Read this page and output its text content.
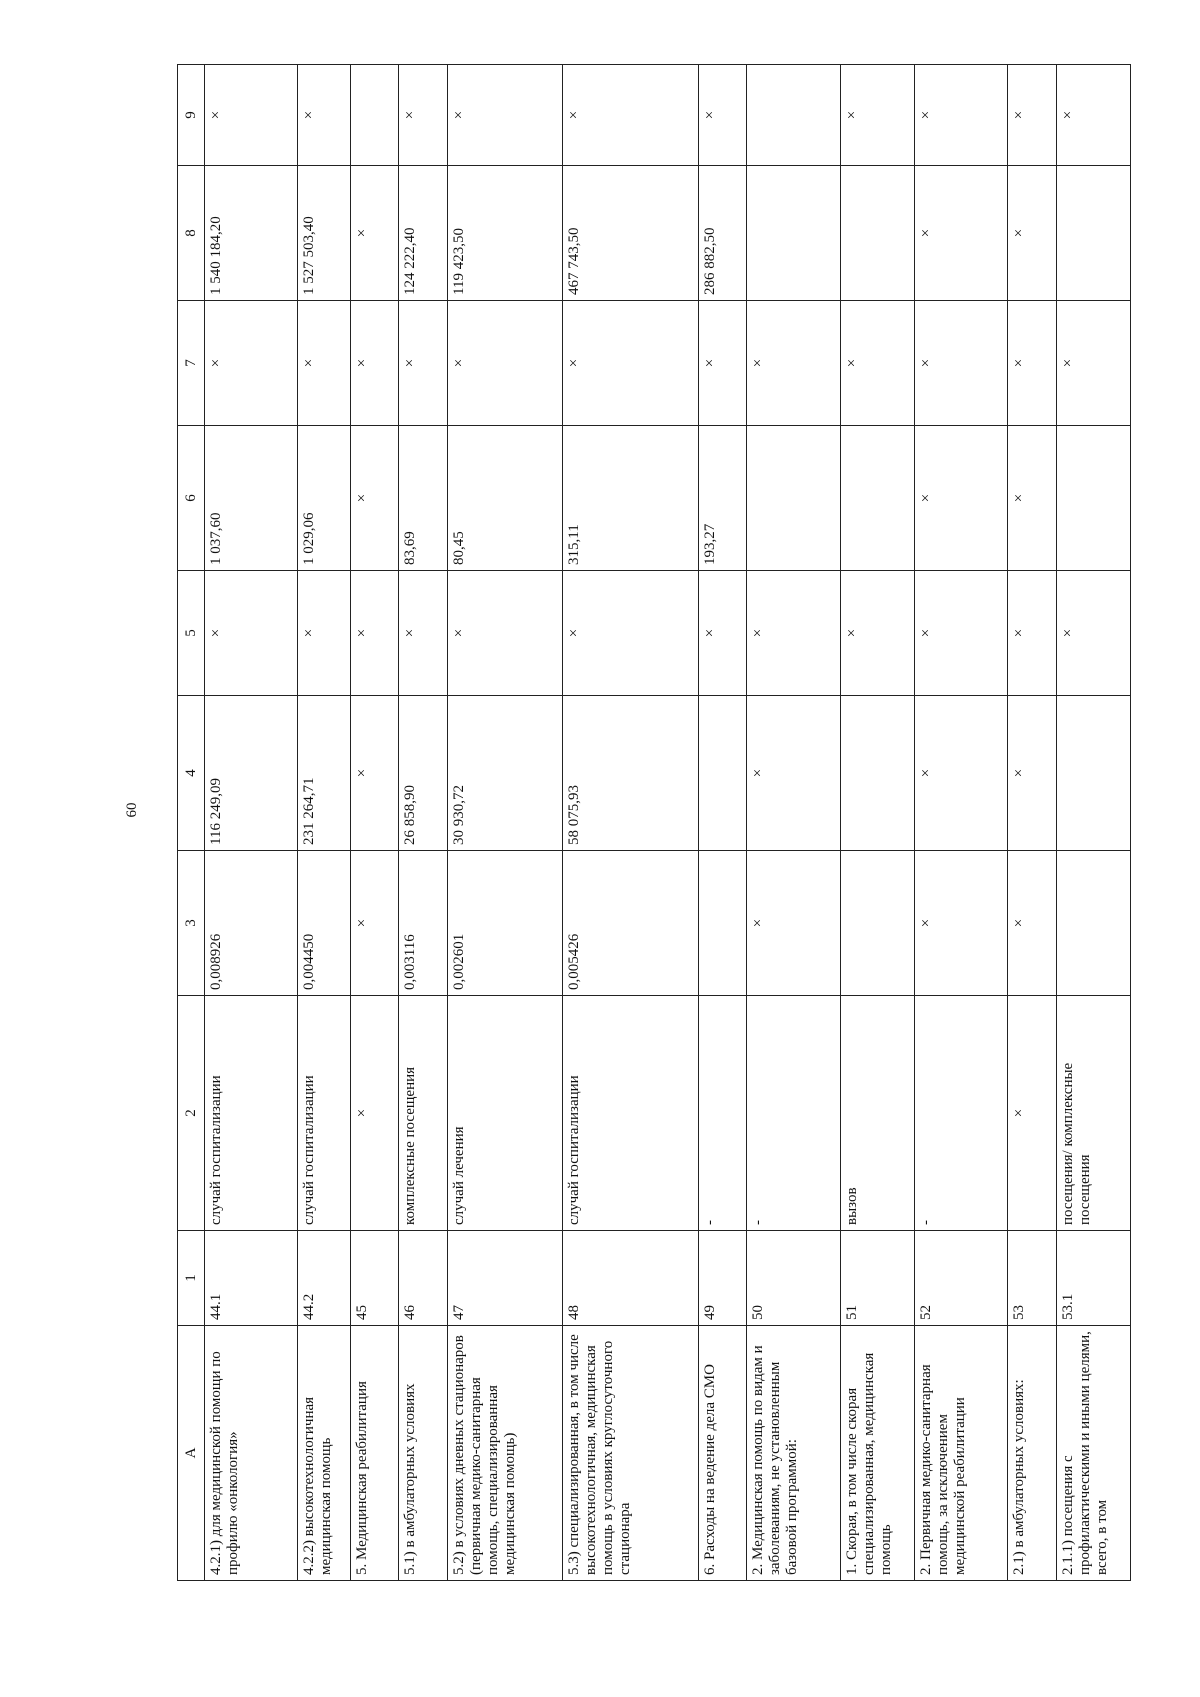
60
A	1	2	3	4	5	6	7	8	9
4.2.1) для медицинской помощи по профилю «онкология»	44.1	случай госпитализации	0,008926	116 249,09	×	1 037,60	×	1 540 184,20	×
4.2.2) высокотехнологичная медицинская помощь	44.2	случай госпитализации	0,004450	231 264,71	×	1 029,06	×	1 527 503,40	×
5. Медицинская реабилитация	45	×	×	×	×	×	×	×	
5.1) в амбулаторных условиях	46	комплексные посещения	0,003116	26 858,90	×	83,69	×	124 222,40	×
5.2) в условиях дневных стационаров (первичная медико-санитарная помощь, специализированная медицинская помощь)	47	случай лечения	0,002601	30 930,72	×	80,45	×	119 423,50	×
5.3) специализированная, в том числе высокотехнологичная, медицинская помощь в условиях круглосуточного стационара	48	случай госпитализации	0,005426	58 075,93	×	315,11	×	467 743,50	×
6. Расходы на ведение дела СМО	49	-			×	193,27	×	286 882,50	×
2. Медицинская помощь по видам и заболеваниям, не установленным базовой программой:	50	-	×	×	×		×		
1. Скорая, в том числе скорая специализированная, медицинская помощь	51	вызов			×		×		×
2. Первичная медико-санитарная помощь, за исключением медицинской реабилитации	52	-	×	×	×	×	×	×	×
2.1) в амбулаторных условиях:	53	×	×	×	×	×	×	×	×
2.1.1) посещения с профилактическими и иными целями, всего, в том	53.1	посещения/ комплексные посещения			×		×		×
